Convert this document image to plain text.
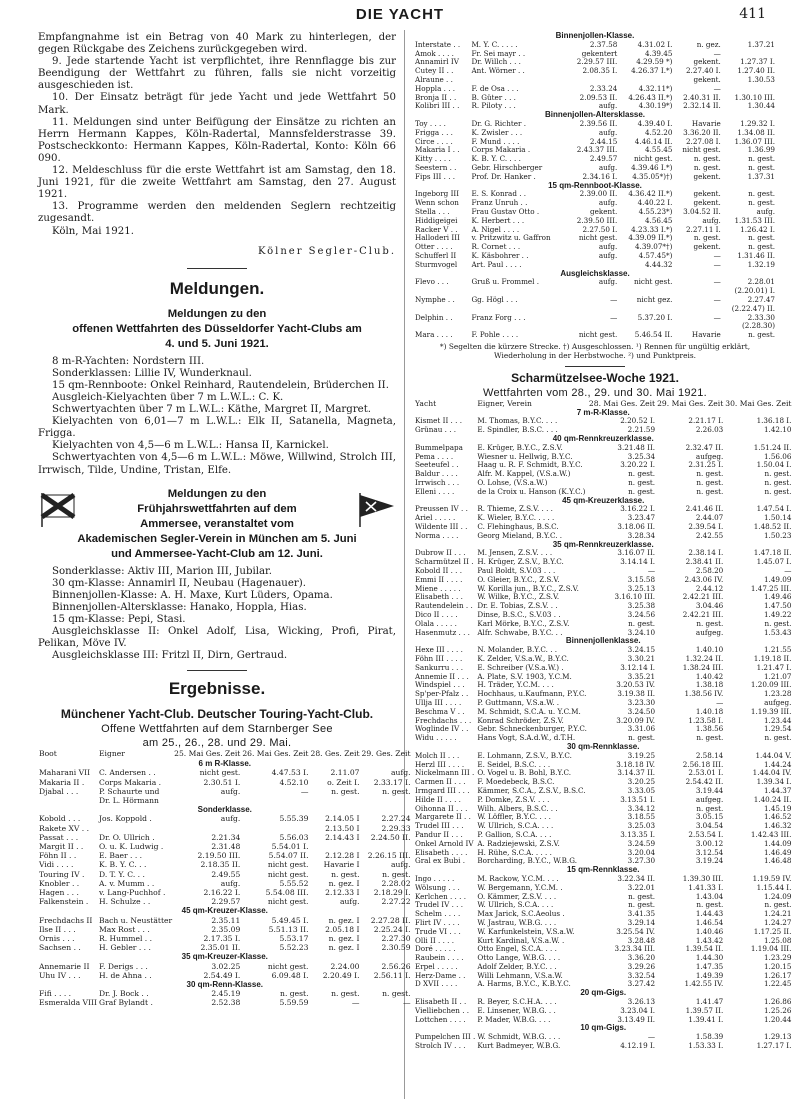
DIE YACHT	411

Empfangnahme ist ein Betrag von 40 Mark zu hinterlegen, der gegen Rückgabe des Zeichens zurückgegeben wird.

9. Jede startende Yacht ist verpflichtet, ihre Rennflagge bis zur Beendigung der Wettfahrt zu führen, falls sie nicht vorzeitig ausgeschieden ist.

10. Der Einsatz beträgt für jede Yacht und jede Wettfahrt 50 Mark.

11. Meldungen sind unter Beifügung der Einsätze zu richten an Herrn Hermann Kappes, Köln-Radertal, Mannsfelderstrasse 39. Postscheckkonto: Hermann Kappes, Köln-Radertal, Konto: Köln 66 090.

12. Meldeschluss für die erste Wettfahrt ist am Samstag, den 18. Juni 1921, für die zweite Wettfahrt am Samstag, den 27. August 1921.

13. Programme werden den meldenden Seglern rechtzeitig zugesandt.

Köln, Mai 1921.

Kölner Segler-Club.

Meldungen.
Meldungen zu den
offenen Wettfahrten des Düsseldorfer Yacht-Clubs am
4. und 5. Juni 1921.

8 m-R-Yachten: Nordstern III.

Sonderklassen: Lillie IV, Wunderknaul.

15 qm-Rennboote: Onkel Reinhard, Rautendelein, Brüderchen II.

Ausgleich-Kielyachten über 7 m L.W.L.: C. K.

Schwertyachten über 7 m L.W.L.: Käthe, Margret II, Margret.

Kielyachten von 6,01—7 m L.W.L.: Elk II, Satanella, Magneta, Frigga.

Kielyachten von 4,5—6 m L.W.L.: Hansa II, Karnickel.

Schwertyachten von 4,5—6 m L.W.L.: Möwe, Willwind, Strolch III, Irrwisch, Tilde, Undine, Tristan, Elfe.

Meldungen zu den
Frühjahrswettfahrten auf dem
Ammersee, veranstaltet vom
Akademischen Segler-Verein in München am 5. Juni
und Ammersee-Yacht-Club am 12. Juni.

Sonderklasse: Aktiv III, Marion III, Jubilar.

30 qm-Klasse: Annamirl II, Neubau (Hagenauer).

Binnenjollen-Klasse: A. H. Maxe, Kurt Lüders, Opama.

Binnenjollen-Altersklasse: Hanako, Hoppla, Hias.

15 qm-Klasse: Pepi, Stasi.

Ausgleichsklasse II: Onkel Adolf, Lisa, Wicking, Profi, Pirat, Pelikan, Möve IV.

Ausgleichsklasse III: Fritzl II, Dirn, Gertraud.

Ergebnisse.
Münchener Yacht-Club. Deutscher Touring-Yacht-Club.
Offene Wettfahrten auf dem Starnberger See
am 25., 26., 28. und 29. Mai.
Boot	Eigner	25. Mai Ges. Zeit	26. Mai Ges. Zeit	28. Ges. Zeit	29. Ges. Zeit
6 m R-Klasse.					
Maharani VII	C. Andersen . .	nicht gest.	4.47.53 I.	2.11.07	aufg.
Makaria II .	Corps Makaria .	2.30.51 I.	4.52.10	o. Zeit I.	2.33.17 I.
Djabal . . .	P. Schaurte und	aufg.	—	n. gest.	n. gest.
	Dr. L. Hörmann				
Sonderklasse.					
Kobold . . .	Jos. Koppold .	aufg.	5.55.39	2.14.05 I	2.27.24
Rakete XV . .				2.13.50 I	2.29.33
Passat . . .	Dr. O. Ullrich .	2.21.34	5.56.03	2.14.43 I	2.24.50 II.
Margit II . .	O. u. K. Ludwig .	2.31.48	5.54.01 I.		
Föhn II . .	E. Baer . . .	2.19.50 III.	5.54.07 II.	2.12.28 I	2.26.15 III.
Vidi . . . .	K. B. Y. C. . .	2.18.35 II.	nicht gest.	Havarie I	aufg.
Touring IV .	D. T. Y. C. . .	2.49.55	nicht gest.	n. gest.	n. gest.
Knobler . .	A. v. Mumm . .	aufg.	5.55.52	n. gez. I	2.28.02
Hagen . . .	v. Lang-Puchhof .	2.16.22 I.	5.54.08 III.	2.12.33 I	2.18.29 I.
Falkenstein .	H. Schulze . .	2.29.57	nicht gest.	aufg.	2.27.22
45 qm-Kreuzer-Klasse.					
Frechdachs II	Bach u. Neustätter	2.35.11	5.49.45 I.	n. gez. I	2.27.28 II.
Ilse II . . .	Max Rost . . .	2.35.09	5.51.13 II.	2.05.18 I	2.25.24 I.
Ornis . . .	R. Hummel . .	2.17.35 I.	5.53.17	n. gez. I	2.27.30
Sachsen . .	H. Gebler . . .	2.35.01 II.	5.52.23	n. gez. I	2.30.59
35 qm-Kreuzer-Klasse.					
Annemarie II	F. Derigs . . .	3.02.25	nicht gest.	2.24.00	2.56.26
Uhu IV . . .	H. de Ahna . .	2.54.49 I.	6.09.48 I.	2.20.49 I.	2.56.11 I.
30 qm-Renn-Klasse.					
Fifi . . . .	Dr. J. Bock . .	2.45.19	n. gest.	n. gest.	n. gest.
Esmeralda VIII	Graf Bylandt .	2.52.38	5.59.59	—	—
Binnenjollen-Klasse.					
Interstate . .	M. Y. C. . . . .	2.37.58	4.31.02 I.	n. gez.	1.37.21
Amok . . . .	Fr. Sei mayr . .	gekentert	4.39.45	—	
Annamirl IV	Dr. Willch . . .	2.29.57 III.	4.29.59 *)	gekent.	1.27.37 I.
Cutey II . .	Ant. Wörner . .	2.08.35 I.	4.26.37 I.*)	2.27.40 I.	1.27.40 II.
Alraune . .				gekent.	1.30.53
Hoppla . . .	F. de Osa . . .	2.33.24	4.32.11*)	—	
Bronja II . .	B. Güter . . .	2.09.53 II.	4.26.43 II.*)	2.40.31 II.	1.30.10 III.
Kolibri III . .	R. Piloty . . .	aufg.	4.30.19*)	2.32.14 II.	1.30.44
Binnenjollen-Altersklasse.					
Toy . . . .	Dr. G. Richter .	2.39.56 II.	4.39.40 I.	Havarie	1.29.32 I.
Frigga . . .	K. Zwisler . . .	aufg.	4.52.20	3.36.20 II.	1.34.08 II.
Circe . . . .	F. Mund . . . .	2.44.15	4.46.14 II.	2.27.08 I.	1.36.07 III.
Makaria I . .	Corps Makaria .	2.43.37 III.	4.55.45	nicht gest.	1.36.99
Kitty . . . .	K. B. Y. C. . . .	2.49.57	nicht gest.	n. gest.	n. gest.
Seestern . .	Gebr. Hirschberger	aufg.	4.39.46 I.*)	n. gest.	n. gest.
Fips III . . .	Prof. Dr. Hanker .	2.34.16 I.	4.35.05*)†)	gekent.	1.37.31
15 qm-Rennboot-Klasse.					
Ingeborg III	E. S. Konrad . .	2.39.00 II.	4.36.42 II.*)	gekent.	n. gest.
Wenn schon	Franz Unruh . .	aufg.	4.40.22 I.	gekent.	n. gest.
Stella . . .	Frau Gustav Otto .	gekent.	4.55.23*)	3.04.52 II.	aufg.
Hiddigeigei	K. Herbert . . .	2.39.50 III.	4.56.45	aufg.	1.31.53 III.
Racker V . .	A. Nigel . . . .	2.27.50 I.	4.23.33 I.*)	2.27.11 I.	1.26.42 I.
Halloderi III	v. Pritzwitz u. Gaffron	nicht gest.	4.39.09 II.*)	n. gest.	n. gest.
Otter . . . .	R. Cornet . . .	aufg.	4.39.07*†)	gekent.	n. gest.
Schufferl II	K. Käsbohrer . .	aufg.	4.57.45*)	—	1.31.46 II.
Sturmvogel	Art. Paul . . . .		4.44.32	—	1.32.19
Ausgleichsklasse.					
Flevo . . .	Gruß u. Frommel .	aufg.	nicht gest.	—	2.28.01
					(2.20.01) I.
Nymphe . .	Gg. Högl . . .	—	nicht gez.	—	2.27.47
					(2.22.47) II.
Delphin . .	Franz Forg . . .	—	5.37.20 I.	—	2.33.30
					(2.28.30)
Mara . . . .	F. Pohle . . . .	nicht gest.	5.46.54 II.	Havarie	n. gest.
*) Segelten die kürzere Strecke. †) Ausgeschlossen. ¹) Rennen für ungültig erklärt, Wiederholung in der Herbstwoche. ²) und Punktpreis.
Scharmützelsee-Woche 1921.
Wettfahrten vom 28., 29. und 30. Mai 1921.
Yacht	Eigner, Verein	28. Mai Ges. Zeit	29. Mai Ges. Zeit	30. Mai Ges. Zeit
7 m-R-Klasse.				
Kismet II . . .	M. Thomas, B.Y.C. . . .	2.20.52 I.	2.21.17 I.	1.36.18 I.
Grünau . . .	E. Spindler, B.S.C. . . .	2.21.59	2.26.03	1.42.10
40 qm-Rennkreuzerklasse.				
Bummelpapa	E. Krüger, B.Y.C., Z.S.V.	3.21.48 II.	2.32.47 II.	1.51.24 II.
Pema . . . .	Wiesner u. Hellwig, B.Y.C.	3.25.34	aufgeg.	1.56.06
Seeteufel . .	Haag u. R. F. Schmidt, B.Y.C.	3.20.22 I.	2.31.25 I.	1.50.04 I.
Baldur . . . .	Alfr. M. Kappel, (V.S.a.W.)	n. gest.	n. gest.	n. gest.
Irrwisch . . .	O. Lohse, (V.S.a.W.)	n. gest.	n. gest.	n. gest.
Elleni . . . .	de la Croix u. Hanson (K.Y.C.)	n. gest.	n. gest.	n. gest.
45 qm-Kreuzerklasse.				
Preussen IV . .	R. Thieme, Z.S.V. . . .	3.16.22 I.	2.41.46 II.	1.47.54 I.
Ariel . . . . .	K. Wieler, B.Y.C. . . . .	3.23.47	2.44.07	1.50.14
Wildente III . .	C. Flehinghaus, B.S.C.	3.18.06 II.	2.39.54 I.	1.48.52 II.
Norma . . . .	Georg Mieland, B.Y.C. .	3.28.34	2.42.55	1.50.23
35 qm-Rennkreuzerklasse.				
Dubrow II . . .	M. Jensen, Z.S.V. . . .	3.16.07 II.	2.38.14 I.	1.47.18 II.
Scharmützel II .	H. Krüger, Z.S.V., B.Y.C.	3.14.14 I.	2.38.41 II.	1.45.07 I.
Kobold II . . .	Paul Boldt, S.V.03 . . .	—	2.58.20	—
Emmi II . . . .	O. Gleier, B.Y.C., Z.S.V.	3.15.58	2.43.06 IV.	1.49.09
Miene . . . . .	W. Korilla jun., B.Y.C., Z.S.V.	3.25.13	2.44.12	1.47.25 III.
Elisabeth . . .	W. Wilke, B.Y.C., Z.S.V.	3.16.10 III.	2.42.21 III.	1.49.46
Rautendelein . .	Dr. E. Tobias, Z.S.V. . .	3.25.38	3.04.46	1.47.50
Dico II . . . .	Dinse, B.S.C., S.V.03 . .	3.24.56	2.42.21 III.	1.49.22
Olala . . . . .	Karl Mörke, B.Y.C., Z.S.V.	n. gest.	n. gest.	n. gest.
Hasenmutz . . .	Alfr. Schwabe, B.Y.C. . .	3.24.10	aufgeg.	1.53.43
Binnenjollenklasse.				
Hexe III . . . .	N. Molander, B.Y.C. . .	3.24.15	1.40.10	1.21.55
Föhn III . . . .	K. Zelder, V.S.a.W., B.Y.C.	3.30.21	1.32.24 II.	1.19.18 II.
Sankurru . . .	E. Schreiber (V.S.a.W.) .	3.12.14 I.	1.38.24 III.	1.21.47 I.
Annemie II . . .	A. Plate, S.V. 1903, Y.C.M.	3.35.21	1.40.42	1.21.07
Windspiel . . .	H. Träder, Y.C.M. . . .	3.20.53 IV.	1.38.18	1.20.09 III.
Sp'per-Pfalz . .	Hochhaus, u.Kaufmann, P.Y.C.	3.19.38 II.	1.38.56 IV.	1.23.28
Ullja III . . . .	P. Guttmann, V.S.a.W. .	3.23.30	—	aufgeg.
Beschma V . .	M. Schmidt, S.C.A. u. Y.C.M.	3.24.50	1.40.18	1.19.39 III.
Frechdachs . . .	Konrad Schröder, Z.S.V.	3.20.09 IV.	1.23.58 I.	1.23.44
Woglinde IV . .	Gebr. Schneckenburger, P.Y.C.	3.31.06	1.38.56	1.29.54
Widu . . . . .	Hans Vogt, S.A.d.W., d.T.H.	n. gest.	n. gest.	n. gest.
30 qm-Rennklasse.				
Molch II . . .	E. Lohmann, Z.S.V., B.Y.C.	3.19.25	2.58.14	1.44.04 V.
Herzl III . . . .	E. Seidel, B.S.C. . . .	3.18.18 IV.	2.56.18 III.	1.44.24
Nickelmann III .	O. Vogel u. B. Bohl, B.Y.C.	3.14.37 II.	2.53.01 I.	1.44.04 IV.
Carmen II . . .	F. Moedebeck, B.S.C.	3.20.25	2.54.42 II.	1.39.34 I.
Irmgard III . . .	Kämmer, S.C.A., Z.S.V., B.S.C.	3.33.05	3.19.44	1.44.37
Hilde II . . . .	P. Domke, Z.S.V. . . .	3.13.51 I.	aufgeg.	1.40.24 II.
Oihonna II . . .	Wilh. Albers, B.S.C. . .	3.34.12	n. gest.	1.45.19
Margarete II . .	W. Löffler, B.Y.C. . . .	3.18.55	3.05.15	1.46.52
Trudel III . . .	W. Ullrich, S.C.A. . . .	3.25.03	3.04.54	1.46.32
Pandur II . . .	P. Gallion, S.C.A. . . .	3.13.35 I.	2.53.54 I.	1.42.43 III.
Onkel Arnold IV	A. Radziejewski, Z.S.V.	3.24.59	3.00.12	1.44.09
Elisabeth . . . .	H. Rühe, S.C.A. . . . .	3.20.04	3.12.54	1.46.49
Gral ex Bubi .	Borcharding, B.Y.C., W.B.G.	3.27.30	3.19.24	1.46.48
15 qm-Rennklasse.				
Ingo . . . . .	M. Rackow, Y.C.M. . . .	3.22.34 II.	1.39.30 III.	1.19.59 IV.
Wölsung . . .	W. Bergemann, Y.C.M. .	3.22.01	1.41.33 I.	1.15.44 I.
Kerlchen . . . .	O. Kämmer, Z.S.V. . . .	n. gest.	1.43.04	1.24.09
Trudel IV . . .	W. Ullrich, S.C.A. . . .	n. gest.	n. gest.	n. gest.
Schelm . . . .	Max Jarick, S.C.Aeolus .	3.41.35	1.44.43	1.24.21
Flirt IV . . . .	W. Jastrau, W.B.G. . . .	3.29.14	1.46.54	1.24.27
Trude VI . . .	W. Karfunkelstein, V.S.a.W.	3.25.54 IV.	1.40.46	1.17.25 II.
Olli II . . . .	Kurt Kardinal, V.S.a.W. .	3.28.48	1.43.42	1.25.08
Doré . . . . .	Otto Engel, S.C.A. . . .	3.23.34 III.	1.39.54 II.	1.19.04 III.
Raubein . . . .	Otto Lange, W.B.G. . . .	3.36.20	1.44.30	1.23.29
Erpel . . . . .	Adolf Zelder, B.Y.C. . .	3.29.26	1.47.35	1.20.15
Herz-Dame . .	Willi Lehmann, V.S.a.W.	3.32.54	1.49.39	1.26.17
D XVII . . . .	A. Harms, B.Y.C., K.B.Y.C.	3.27.42	1.42.55 IV.	1.22.45
20 qm-Gigs.				
Elisabeth II . .	R. Beyer, S.C.H.A. . . .	3.26.13	1.41.47	1.26.86
Vielliebchen . .	E. Linsener, W.B.G. . .	3.23.04 I.	1.39.57 II.	1.25.26
Lottchen . . . .	P. Mader, W.B.G. . . .	3.13.49 II.	1.39.41 I.	1.20.44
10 qm-Gigs.				
Pumpelchen III .	W. Schmidt, W.B.G. . . .	—	1.58.39	1.29.13
Strolch IV . . .	Kurt Badmeyer, W.B.G.	4.12.19 I.	1.53.33 I.	1.27.17 I.
